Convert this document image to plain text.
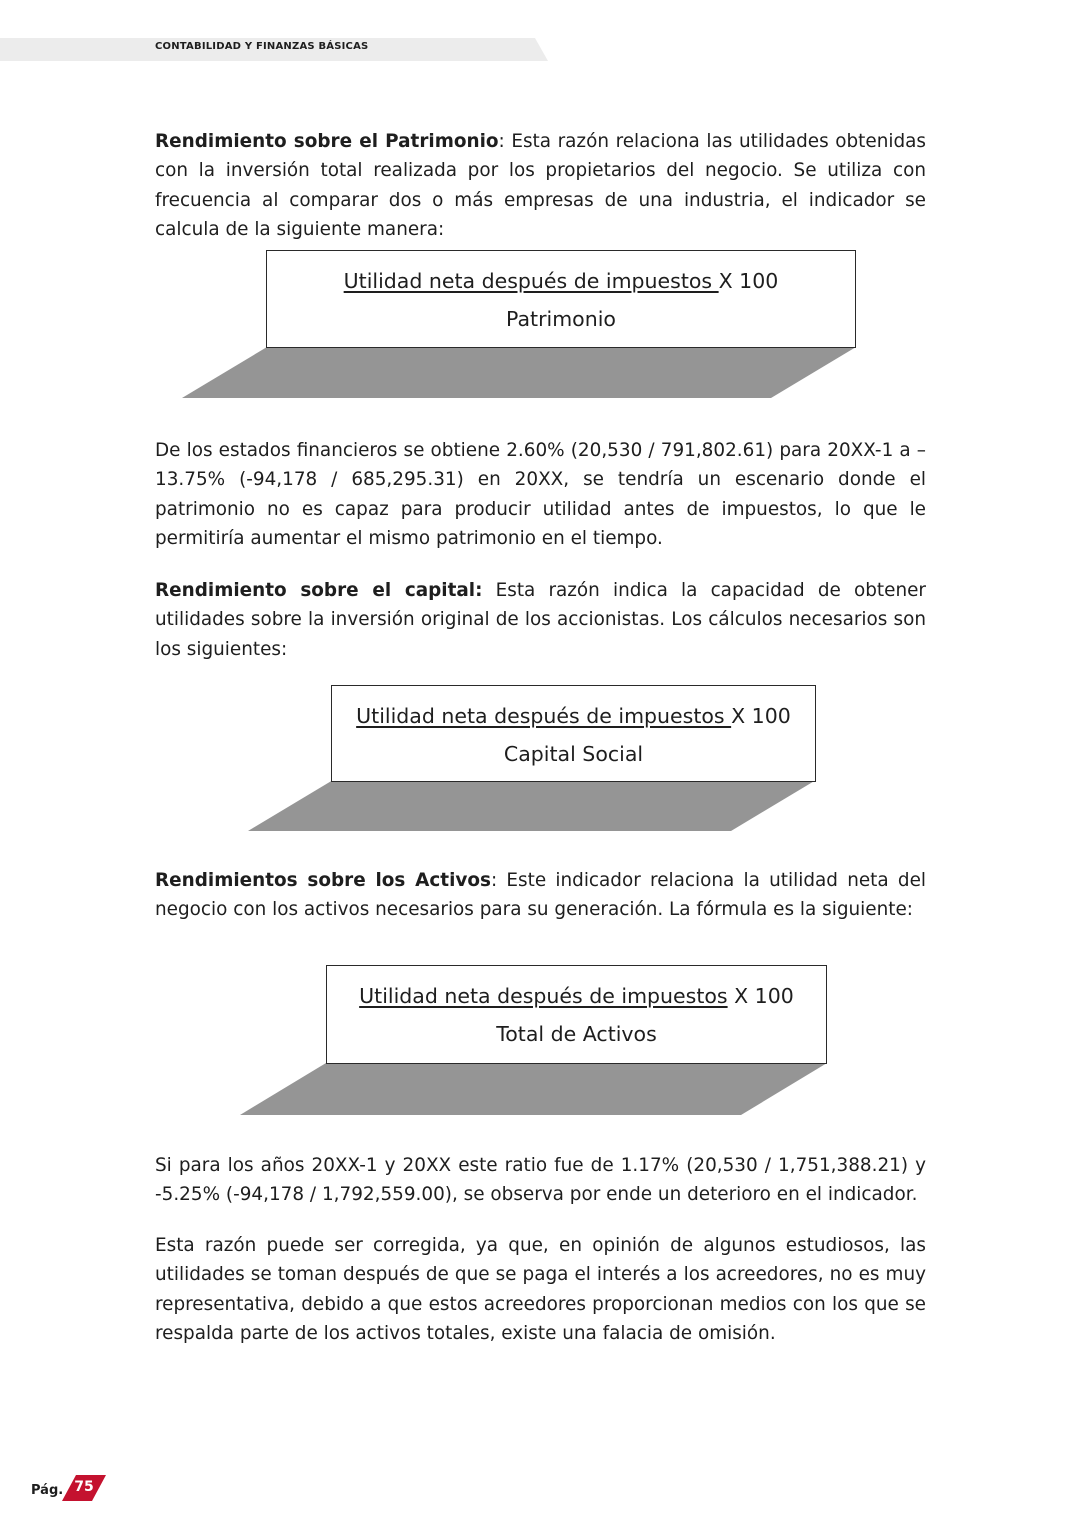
CONTABILIDAD Y FINANZAS BÁSICAS

Rendimiento sobre el Patrimonio: Esta razón relaciona las utilidades obtenidas con la inversión total realizada por los propietarios del negocio. Se utiliza con frecuencia al comparar dos o más empresas de una industria, el indicador se calcula de la siguiente manera:

Utilidad neta después de impuestos X 100
Patrimonio

De los estados financieros se obtiene 2.60% (20,530 / 791,802.61) para 20XX-1 a –13.75% (-94,178 / 685,295.31) en 20XX, se tendría un escenario donde el patrimonio no es capaz para producir utilidad antes de impuestos, lo que le permitiría aumentar el mismo patrimonio en el tiempo.

Rendimiento sobre el capital: Esta razón indica la capacidad de obtener utilidades sobre la inversión original de los accionistas. Los cálculos necesarios son los siguientes:

Utilidad neta después de impuestos X 100
Capital Social

Rendimientos sobre los Activos: Este indicador relaciona la utilidad neta del negocio con los activos necesarios para su generación. La fórmula es la siguiente:

Utilidad neta después de impuestos X 100
Total de Activos

Si para los años 20XX-1 y 20XX este ratio fue de 1.17% (20,530 / 1,751,388.21) y -5.25% (-94,178 / 1,792,559.00), se observa por ende un deterioro en el indicador.

Esta razón puede ser corregida, ya que, en opinión de algunos estudiosos, las utilidades se toman después de que se paga el interés a los acreedores, no es muy representativa, debido a que estos acreedores proporcionan medios con los que se respalda parte de los activos totales, existe una falacia de omisión.

Pág. 75
